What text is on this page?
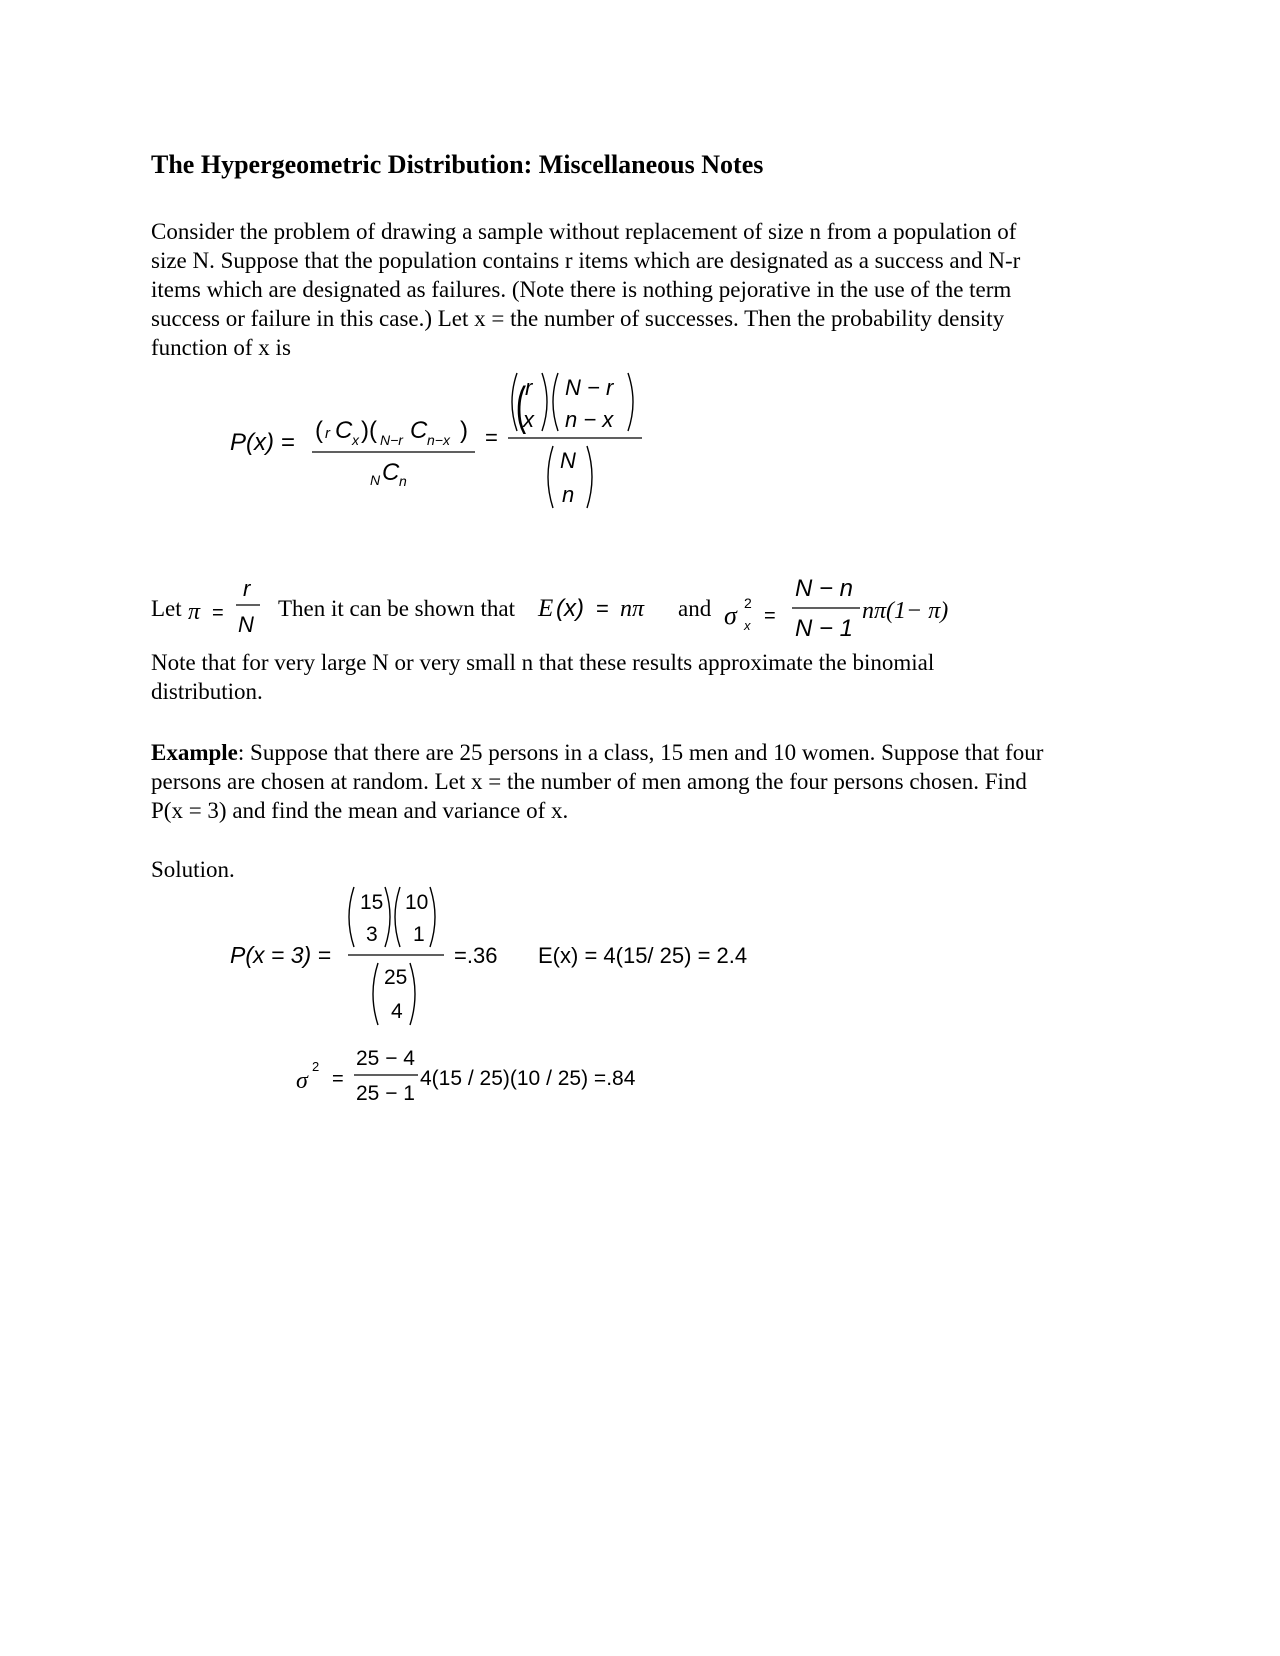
The Hypergeometric Distribution: Miscellaneous Notes

Consider the problem of drawing a sample without replacement of size n from a population of

size N. Suppose that the population contains r items which are designated as a success and N-r

items which are designated as failures. (Note there is nothing pejorative in the use of the term

success or failure in this case.) Let x = the number of successes. Then the probability density

function of x is

P(x) = r
( C x )( N−r C n−x )
N C n
=
(
r
x
N − r
n − x
N
n
Let π =
r
N
Then it can be shown that E (x) = nπ and σ 2
x =
N − n
N − 1
nπ(1− π)

Note that for very large N or very small n that these results approximate the binomial

distribution.

Example: Suppose that there are 25 persons in a class, 15 men and 10 women. Suppose that four

persons are chosen at random. Let x = the number of men among the four persons chosen. Find

P(x = 3) and find the mean and variance of x.

Solution.

P(x = 3) =
15
3
10
1
25
4
=.36 E(x) = 4(15/ 25) = 2.4
σ
2
=
25 − 4
25 − 1
4(15 / 25)(10 / 25) =.84
